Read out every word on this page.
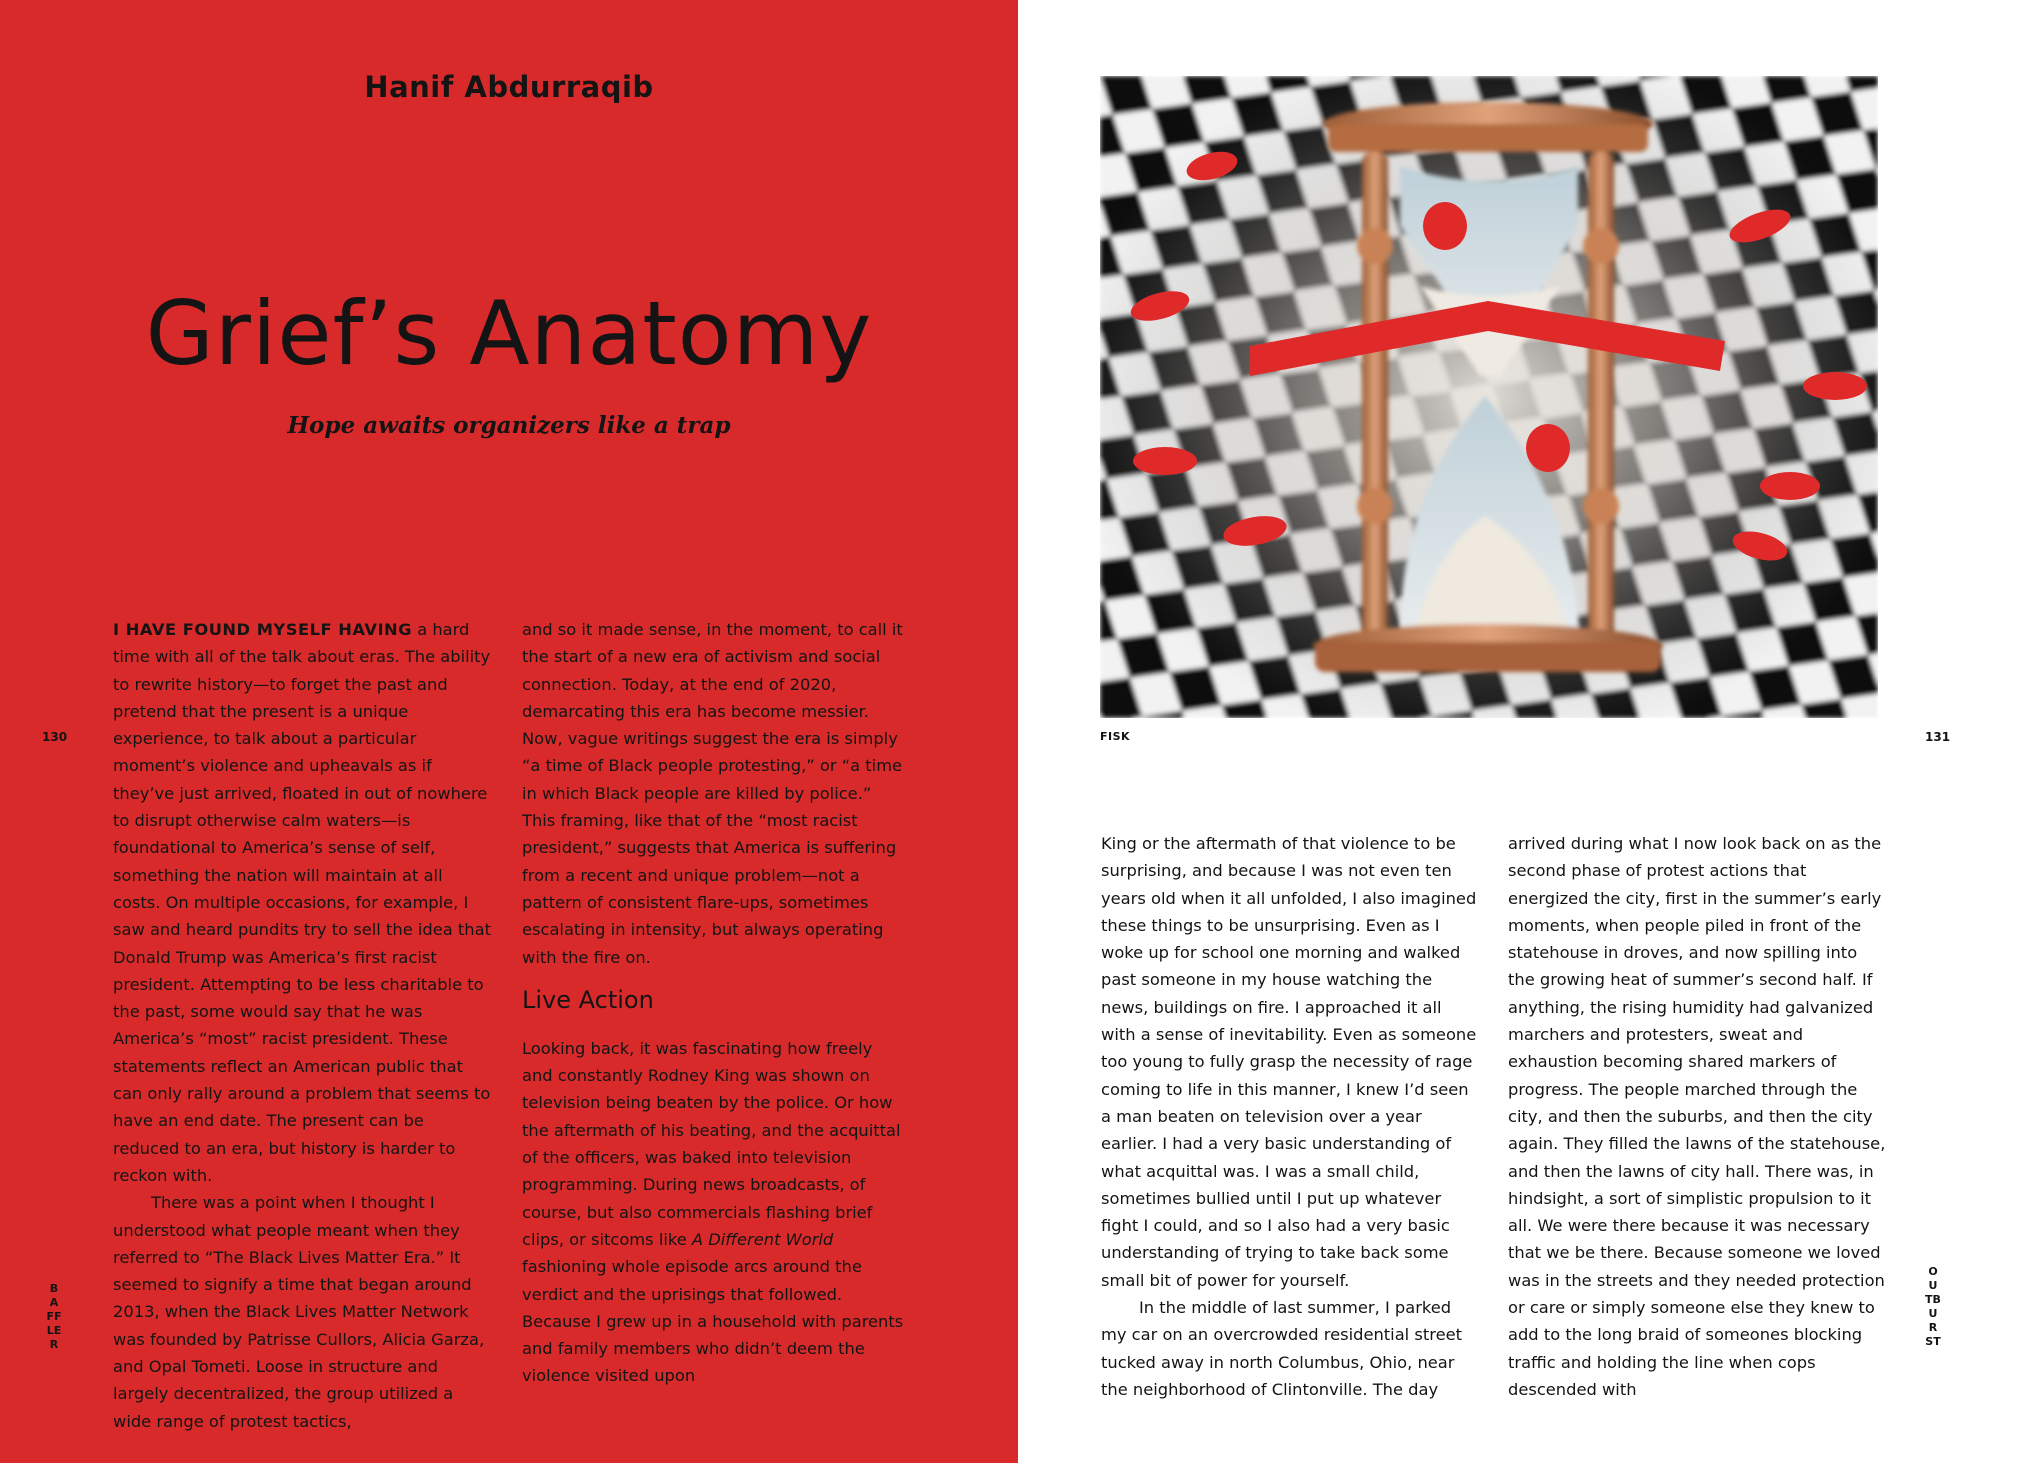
Hanif Abdurraqib
Grief’s Anatomy

Hope awaits organizers like a trap

130
BAFFLER

I HAVE FOUND MYSELF HAVING a hard time with all of the talk about eras. The ability to rewrite history—to forget the past and pretend that the present is a unique experience, to talk about a particular moment’s violence and upheavals as if they’ve just arrived, floated in out of nowhere to disrupt otherwise calm waters—is foundational to America’s sense of self, something the nation will maintain at all costs. On multiple occasions, for example, I saw and heard pundits try to sell the idea that Donald Trump was America’s first racist president. Attempting to be less charitable to the past, some would say that he was America’s “most” racist president. These statements reflect an American public that can only rally around a problem that seems to have an end date. The present can be reduced to an era, but history is harder to reckon with.

There was a point when I thought I understood what people meant when they referred to “The Black Lives Matter Era.” It seemed to signify a time that began around 2013, when the Black Lives Matter Network was founded by Patrisse Cullors, Alicia Garza, and Opal Tometi. Loose in structure and largely decentralized, the group utilized a wide range of protest tactics,

and so it made sense, in the moment, to call it the start of a new era of activism and social connection. Today, at the end of 2020, demarcating this era has become messier. Now, vague writings suggest the era is simply “a time of Black people protesting,” or “a time in which Black people are killed by police.” This framing, like that of the “most racist president,” suggests that America is suffering from a recent and unique problem—not a pattern of consistent flare-ups, sometimes escalating in intensity, but always operating with the fire on.

Live Action

Looking back, it was fascinating how freely and constantly Rodney King was shown on television being beaten by the police. Or how the aftermath of his beating, and the acquittal of the officers, was baked into television programming. During news broadcasts, of course, but also commercials flashing brief clips, or sitcoms like A Different World fashioning whole episode arcs around the verdict and the uprisings that followed. Because I grew up in a household with parents and family members who didn’t deem the violence visited upon

FISK	131
OUTBURST

King or the aftermath of that violence to be surprising, and because I was not even ten years old when it all unfolded, I also imagined these things to be unsurprising. Even as I woke up for school one morning and walked past someone in my house watching the news, buildings on fire. I approached it all with a sense of inevitability. Even as someone too young to fully grasp the necessity of rage coming to life in this manner, I knew I’d seen a man beaten on television over a year earlier. I had a very basic understanding of what acquittal was. I was a small child, sometimes bullied until I put up whatever fight I could, and so I also had a very basic understanding of trying to take back some small bit of power for yourself.

In the middle of last summer, I parked my car on an overcrowded residential street tucked away in north Columbus, Ohio, near the neighborhood of Clintonville. The day

arrived during what I now look back on as the second phase of protest actions that energized the city, first in the summer’s early moments, when people piled in front of the statehouse in droves, and now spilling into the growing heat of summer’s second half. If anything, the rising humidity had galvanized marchers and protesters, sweat and exhaustion becoming shared markers of progress. The people marched through the city, and then the suburbs, and then the city again. They filled the lawns of the statehouse, and then the lawns of city hall. There was, in hindsight, a sort of simplistic propulsion to it all. We were there because it was necessary that we be there. Because someone we loved was in the streets and they needed protection or care or simply someone else they knew to add to the long braid of someones blocking traffic and holding the line when cops descended with
